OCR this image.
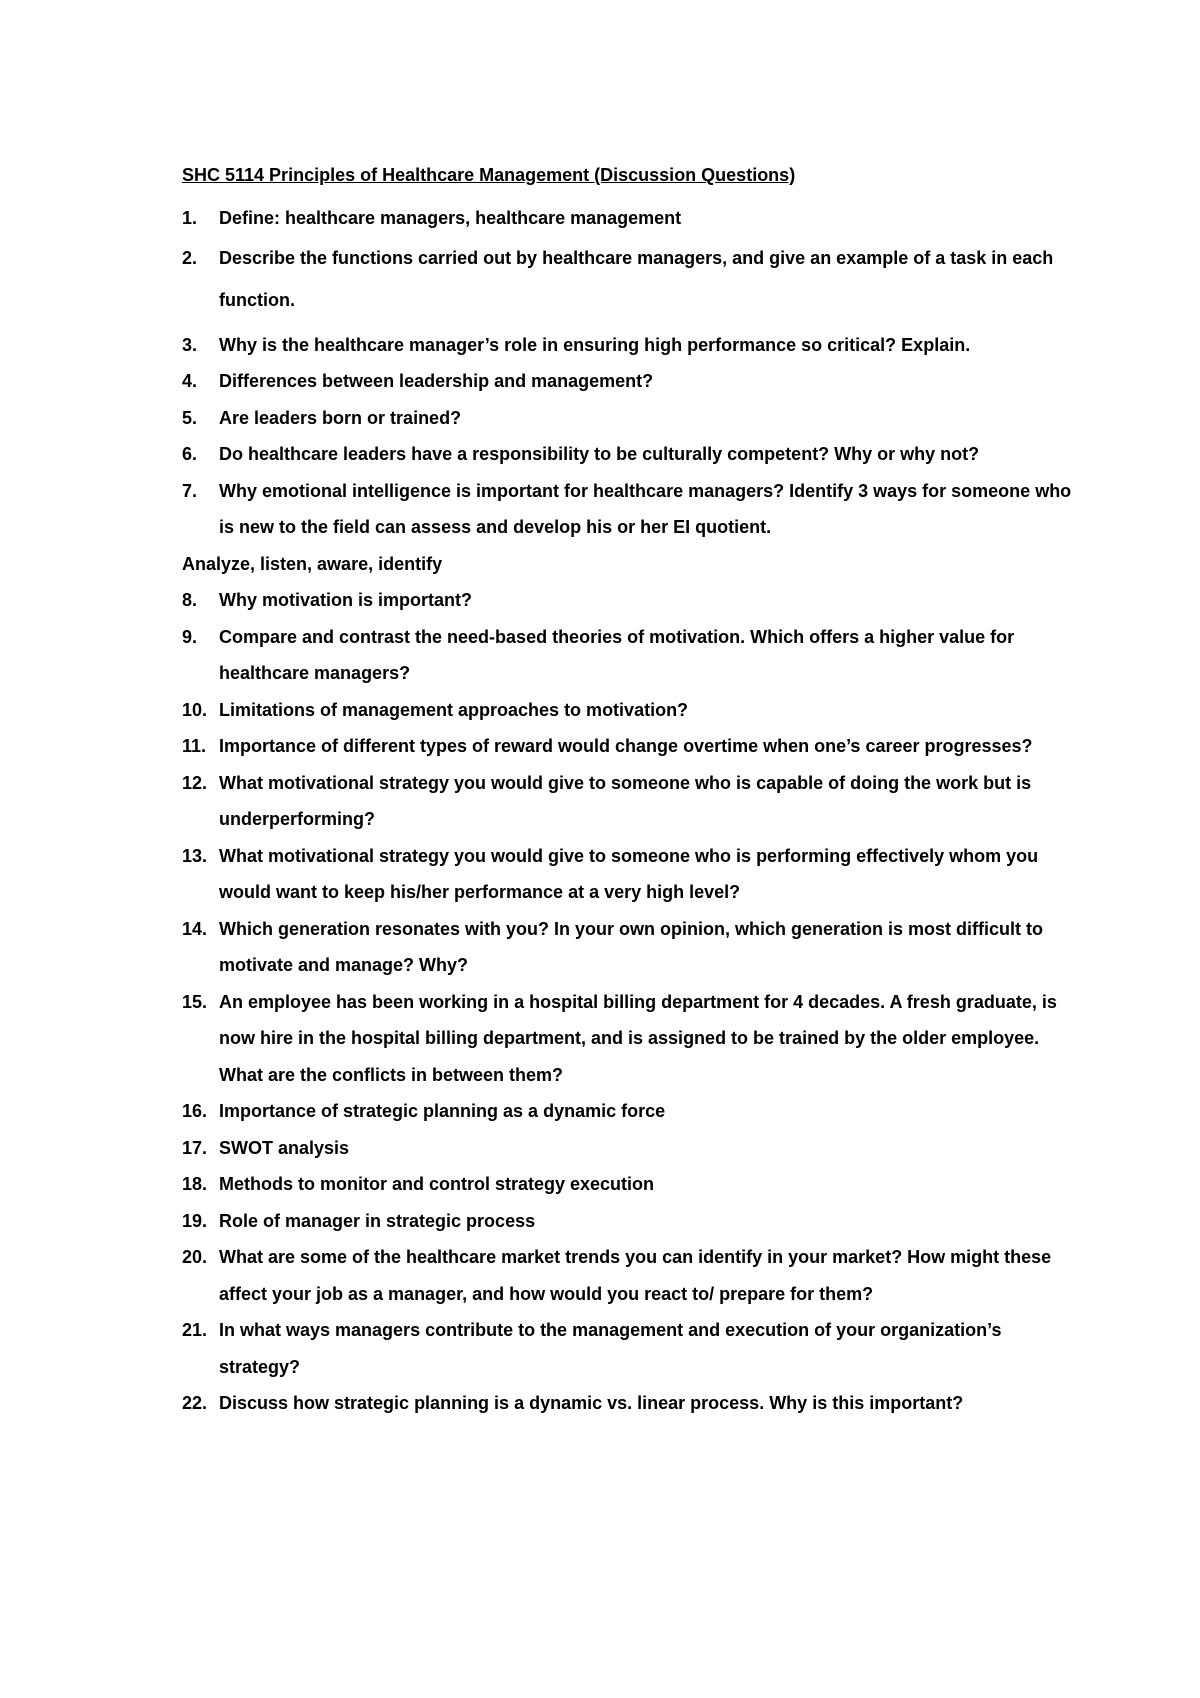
SHC 5114 Principles of Healthcare Management (Discussion Questions)
1.	Define: healthcare managers, healthcare management
2.	Describe the functions carried out by healthcare managers, and give an example of a task in each function.
3.	Why is the healthcare manager’s role in ensuring high performance so critical? Explain.
4.	Differences between leadership and management?
5.	Are leaders born or trained?
6.	Do healthcare leaders have a responsibility to be culturally competent? Why or why not?
7.	Why emotional intelligence is important for healthcare managers? Identify 3 ways for someone who is new to the field can assess and develop his or her EI quotient.

Analyze, listen, aware, identify

8.	Why motivation is important?
9.	Compare and contrast the need-based theories of motivation. Which offers a higher value for healthcare managers?
10. Limitations of management approaches to motivation?
11. Importance of different types of reward would change overtime when one’s career progresses?
12. What motivational strategy you would give to someone who is capable of doing the work but is underperforming?
13. What motivational strategy you would give to someone who is performing effectively whom you would want to keep his/her performance at a very high level?
14. Which generation resonates with you? In your own opinion, which generation is most difficult to motivate and manage? Why?
15. An employee has been working in a hospital billing department for 4 decades. A fresh graduate, is now hire in the hospital billing department, and is assigned to be trained by the older employee. What are the conflicts in between them?
16. Importance of strategic planning as a dynamic force
17. SWOT analysis
18. Methods to monitor and control strategy execution
19. Role of manager in strategic process
20. What are some of the healthcare market trends you can identify in your market? How might these affect your job as a manager, and how would you react to/ prepare for them?
21. In what ways managers contribute to the management and execution of your organization’s strategy?
22. Discuss how strategic planning is a dynamic vs. linear process. Why is this important?
